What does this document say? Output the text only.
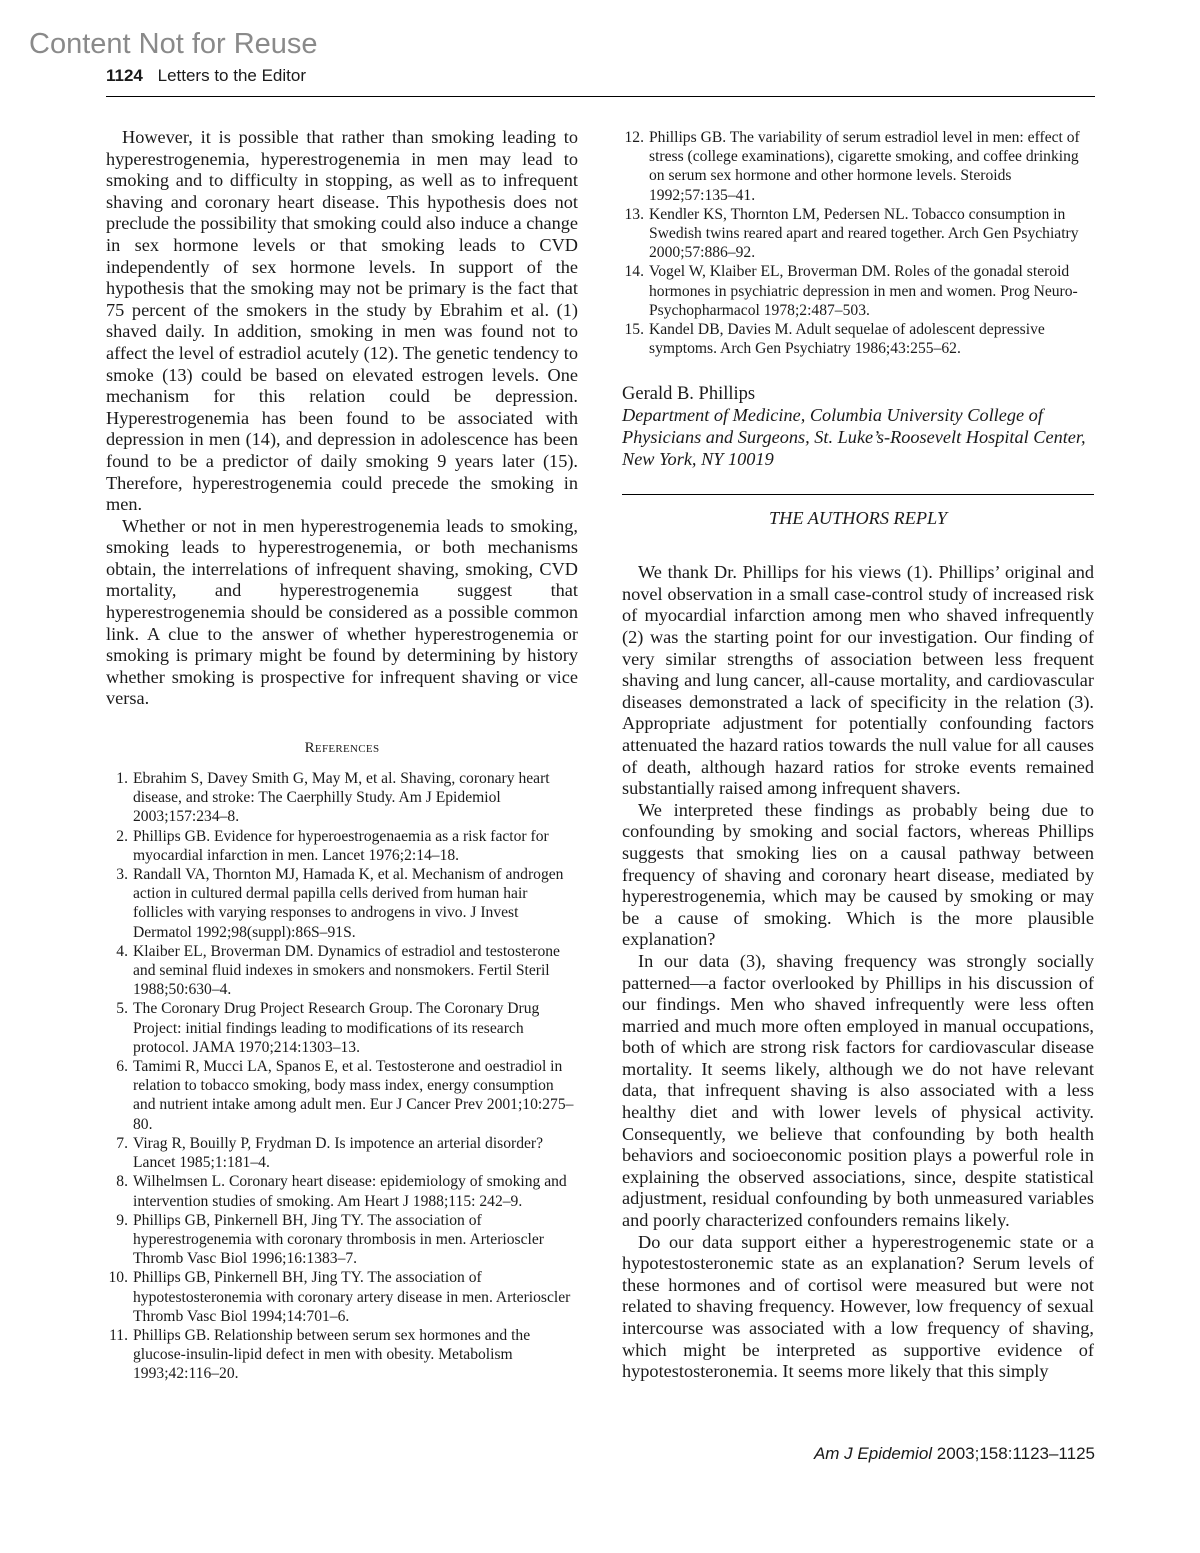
Content Not for Reuse
1124 Letters to the Editor

However, it is possible that rather than smoking leading to hyperestrogenemia, hyperestrogenemia in men may lead to smoking and to difficulty in stopping, as well as to infrequent shaving and coronary heart disease. This hypothesis does not preclude the possibility that smoking could also induce a change in sex hormone levels or that smoking leads to CVD independently of sex hormone levels. In support of the hypothesis that the smoking may not be primary is the fact that 75 percent of the smokers in the study by Ebrahim et al. (1) shaved daily. In addition, smoking in men was found not to affect the level of estradiol acutely (12). The genetic tendency to smoke (13) could be based on elevated estrogen levels. One mechanism for this relation could be depression. Hyperestrogenemia has been found to be associated with depression in men (14), and depression in adolescence has been found to be a predictor of daily smoking 9 years later (15). Therefore, hyperestrogenemia could precede the smoking in men.

Whether or not in men hyperestrogenemia leads to smoking, smoking leads to hyperestrogenemia, or both mechanisms obtain, the interrelations of infrequent shaving, smoking, CVD mortality, and hyperestrogenemia suggest that hyperestrogenemia should be considered as a possible common link. A clue to the answer of whether hyperestrogenemia or smoking is primary might be found by determining by history whether smoking is prospective for infrequent shaving or vice versa.

References
1. Ebrahim S, Davey Smith G, May M, et al. Shaving, coronary heart disease, and stroke: The Caerphilly Study. Am J Epidemiol 2003;157:234–8.
2. Phillips GB. Evidence for hyperoestrogenaemia as a risk factor for myocardial infarction in men. Lancet 1976;2:14–18.
3. Randall VA, Thornton MJ, Hamada K, et al. Mechanism of androgen action in cultured dermal papilla cells derived from human hair follicles with varying responses to androgens in vivo. J Invest Dermatol 1992;98(suppl):86S–91S.
4. Klaiber EL, Broverman DM. Dynamics of estradiol and testosterone and seminal fluid indexes in smokers and nonsmokers. Fertil Steril 1988;50:630–4.
5. The Coronary Drug Project Research Group. The Coronary Drug Project: initial findings leading to modifications of its research protocol. JAMA 1970;214:1303–13.
6. Tamimi R, Mucci LA, Spanos E, et al. Testosterone and oestradiol in relation to tobacco smoking, body mass index, energy consumption and nutrient intake among adult men. Eur J Cancer Prev 2001;10:275–80.
7. Virag R, Bouilly P, Frydman D. Is impotence an arterial disorder? Lancet 1985;1:181–4.
8. Wilhelmsen L. Coronary heart disease: epidemiology of smoking and intervention studies of smoking. Am Heart J 1988;115: 242–9.
9. Phillips GB, Pinkernell BH, Jing TY. The association of hyperestrogenemia with coronary thrombosis in men. Arterioscler Thromb Vasc Biol 1996;16:1383–7.
10. Phillips GB, Pinkernell BH, Jing TY. The association of hypotestosteronemia with coronary artery disease in men. Arterioscler Thromb Vasc Biol 1994;14:701–6.
11. Phillips GB. Relationship between serum sex hormones and the glucose-insulin-lipid defect in men with obesity. Metabolism 1993;42:116–20.
12. Phillips GB. The variability of serum estradiol level in men: effect of stress (college examinations), cigarette smoking, and coffee drinking on serum sex hormone and other hormone levels. Steroids 1992;57:135–41.
13. Kendler KS, Thornton LM, Pedersen NL. Tobacco consumption in Swedish twins reared apart and reared together. Arch Gen Psychiatry 2000;57:886–92.
14. Vogel W, Klaiber EL, Broverman DM. Roles of the gonadal steroid hormones in psychiatric depression in men and women. Prog Neuro-Psychopharmacol 1978;2:487–503.
15. Kandel DB, Davies M. Adult sequelae of adolescent depressive symptoms. Arch Gen Psychiatry 1986;43:255–62.
Gerald B. Phillips
Department of Medicine, Columbia University College of Physicians and Surgeons, St. Luke’s-Roosevelt Hospital Center, New York, NY 10019
THE AUTHORS REPLY

We thank Dr. Phillips for his views (1). Phillips’ original and novel observation in a small case-control study of increased risk of myocardial infarction among men who shaved infrequently (2) was the starting point for our investigation. Our finding of very similar strengths of association between less frequent shaving and lung cancer, all-cause mortality, and cardiovascular diseases demonstrated a lack of specificity in the relation (3). Appropriate adjustment for potentially confounding factors attenuated the hazard ratios towards the null value for all causes of death, although hazard ratios for stroke events remained substantially raised among infrequent shavers.

We interpreted these findings as probably being due to confounding by smoking and social factors, whereas Phillips suggests that smoking lies on a causal pathway between frequency of shaving and coronary heart disease, mediated by hyperestrogenemia, which may be caused by smoking or may be a cause of smoking. Which is the more plausible explanation?

In our data (3), shaving frequency was strongly socially patterned—a factor overlooked by Phillips in his discussion of our findings. Men who shaved infrequently were less often married and much more often employed in manual occupations, both of which are strong risk factors for cardiovascular disease mortality. It seems likely, although we do not have relevant data, that infrequent shaving is also associated with a less healthy diet and with lower levels of physical activity. Consequently, we believe that confounding by both health behaviors and socioeconomic position plays a powerful role in explaining the observed associations, since, despite statistical adjustment, residual confounding by both unmeasured variables and poorly characterized confounders remains likely.

Do our data support either a hyperestrogenemic state or a hypotestosteronemic state as an explanation? Serum levels of these hormones and of cortisol were measured but were not related to shaving frequency. However, low frequency of sexual intercourse was associated with a low frequency of shaving, which might be interpreted as supportive evidence of hypotestosteronemia. It seems more likely that this simply

Am J Epidemiol 2003;158:1123–1125
